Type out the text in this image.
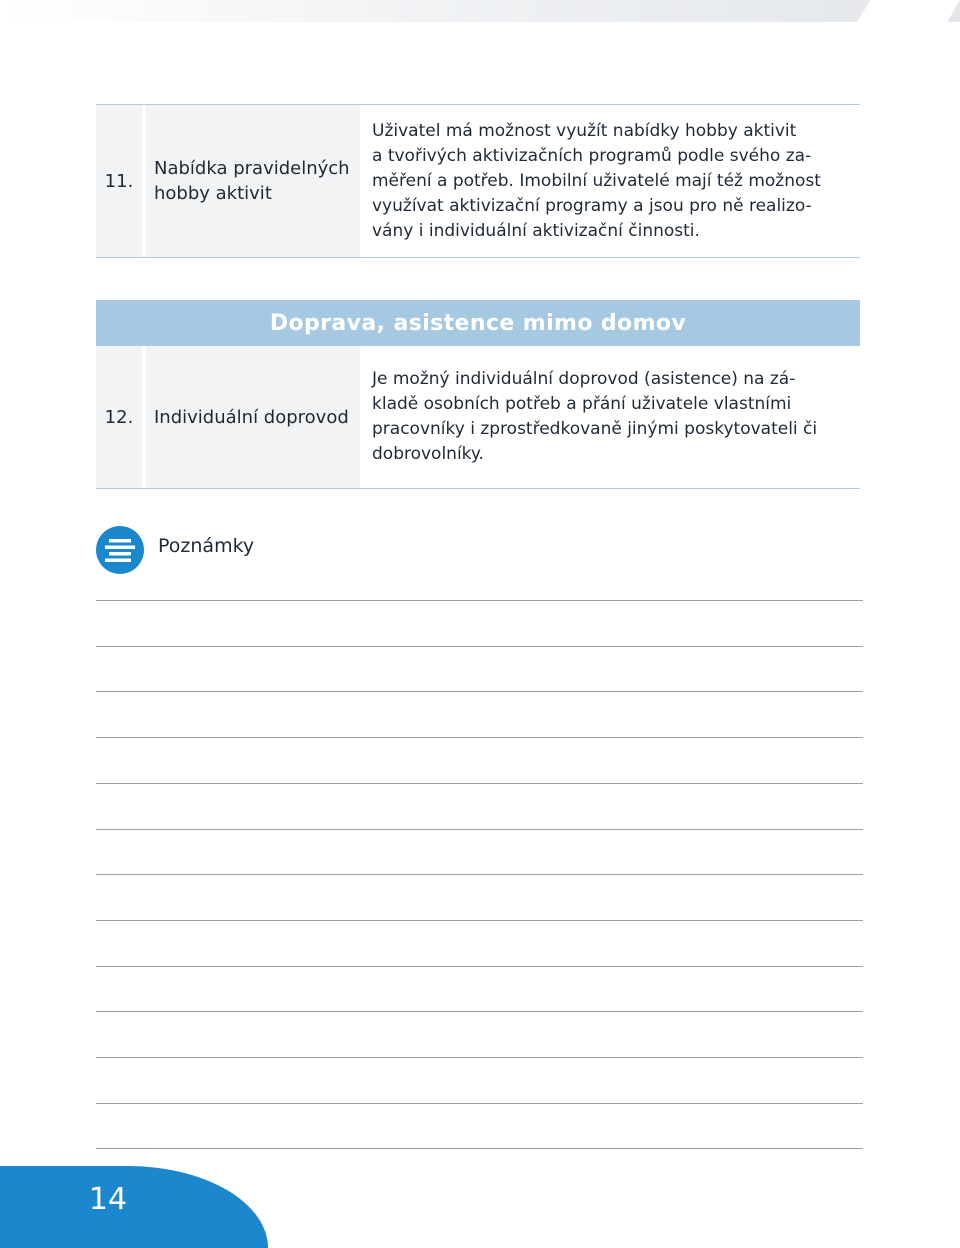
11.
Nabídka pravidelných
hobby aktivit
Uživatel má možnost využít nabídky hobby aktivit
a tvořivých aktivizačních programů podle svého za-
měření a potřeb. Imobilní uživatelé mají též možnost
využívat aktivizační programy a jsou pro ně realizo-
vány i individuální aktivizační činnosti.
Doprava, asistence mimo domov
12. Individuální doprovod
Je možný individuální doprovod (asistence) na zá-
kladě osobních potřeb a přání uživatele vlastními
pracovníky i zprostředkovaně jinými poskytovateli či
dobrovolníky.
Poznámky
14
